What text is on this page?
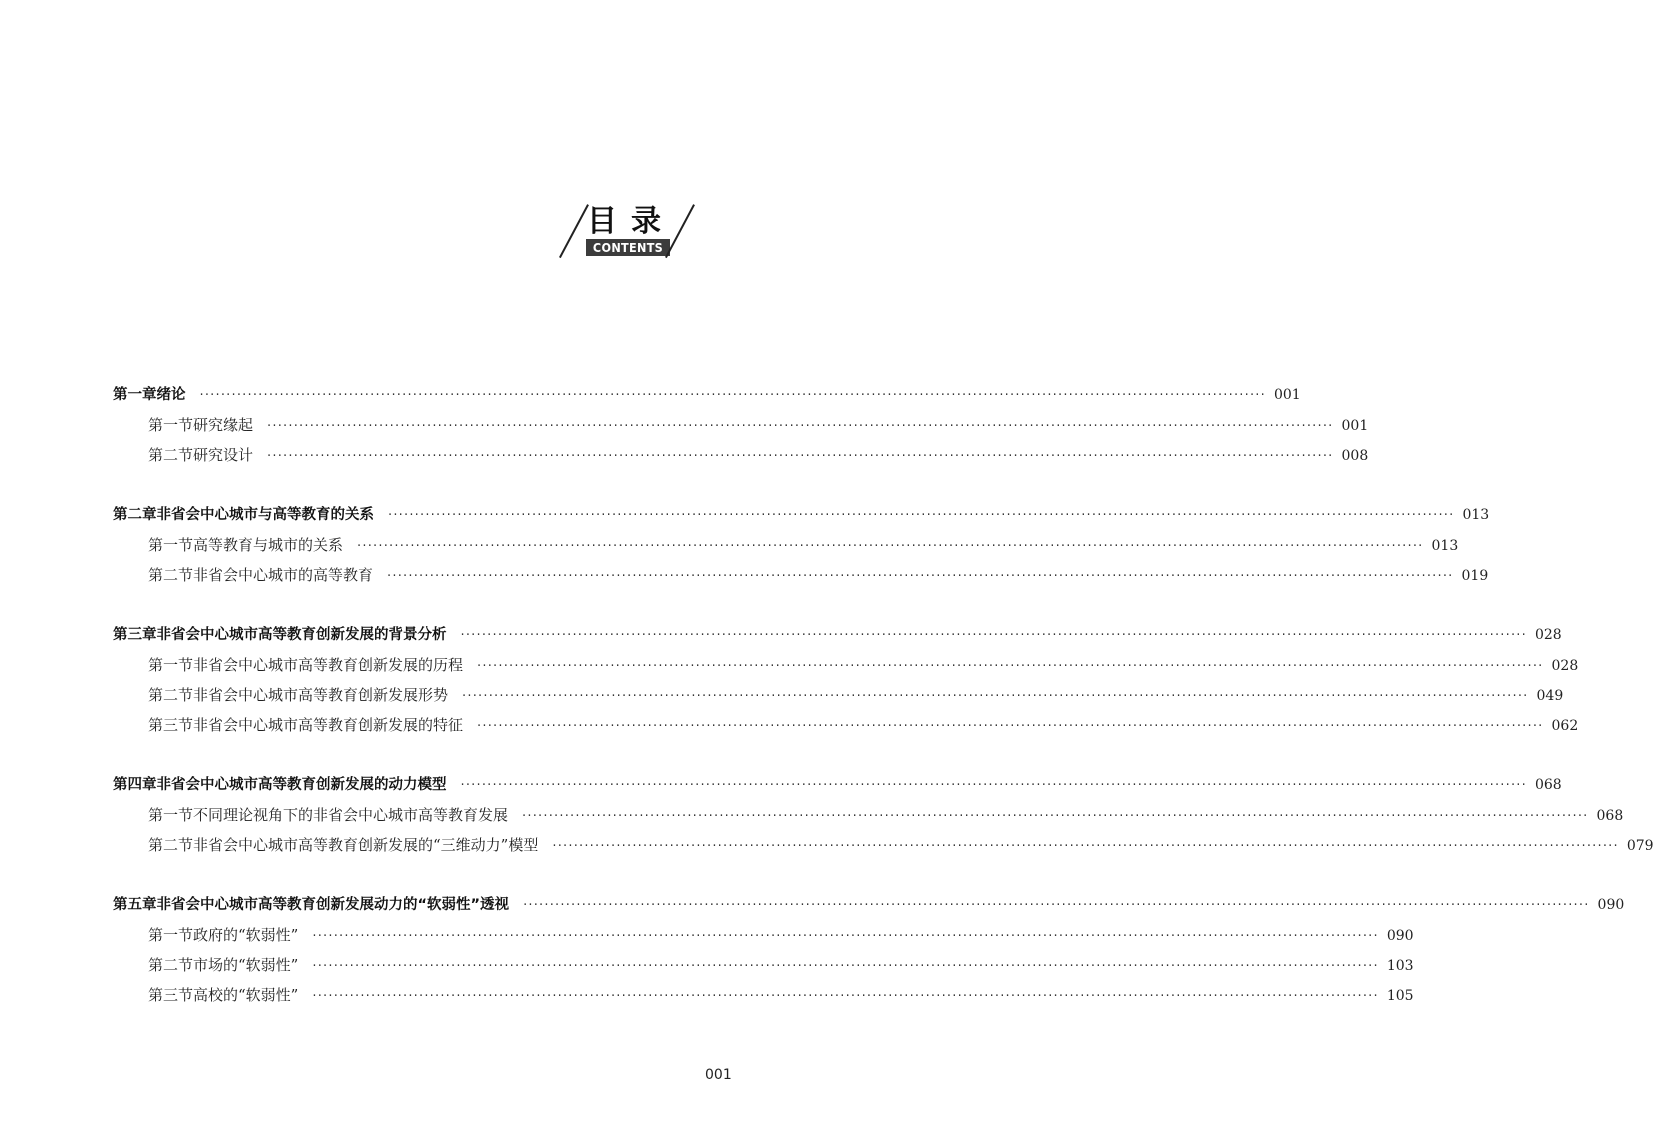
目录
CONTENTS
第一章 绪论 ········································································································································································································ 001
第一节 研究缘起 ········································································································································································································ 001
第二节 研究设计 ········································································································································································································ 008
第二章 非省会中心城市与高等教育的关系 ········································································································································································································ 013
第一节 高等教育与城市的关系 ········································································································································································································ 013
第二节 非省会中心城市的高等教育 ········································································································································································································ 019
第三章 非省会中心城市高等教育创新发展的背景分析 ········································································································································································································ 028
第一节 非省会中心城市高等教育创新发展的历程 ········································································································································································································ 028
第二节 非省会中心城市高等教育创新发展形势 ········································································································································································································ 049
第三节 非省会中心城市高等教育创新发展的特征 ········································································································································································································ 062
第四章 非省会中心城市高等教育创新发展的动力模型 ········································································································································································································ 068
第一节 不同理论视角下的非省会中心城市高等教育发展 ········································································································································································································ 068
第二节 非省会中心城市高等教育创新发展的“三维动力”模型 ········································································································································································································ 079
第五章 非省会中心城市高等教育创新发展动力的“软弱性”透视 ········································································································································································································ 090
第一节 政府的“软弱性” ········································································································································································································ 090
第二节 市场的“软弱性” ········································································································································································································ 103
第三节 高校的“软弱性” ········································································································································································································ 105
001
